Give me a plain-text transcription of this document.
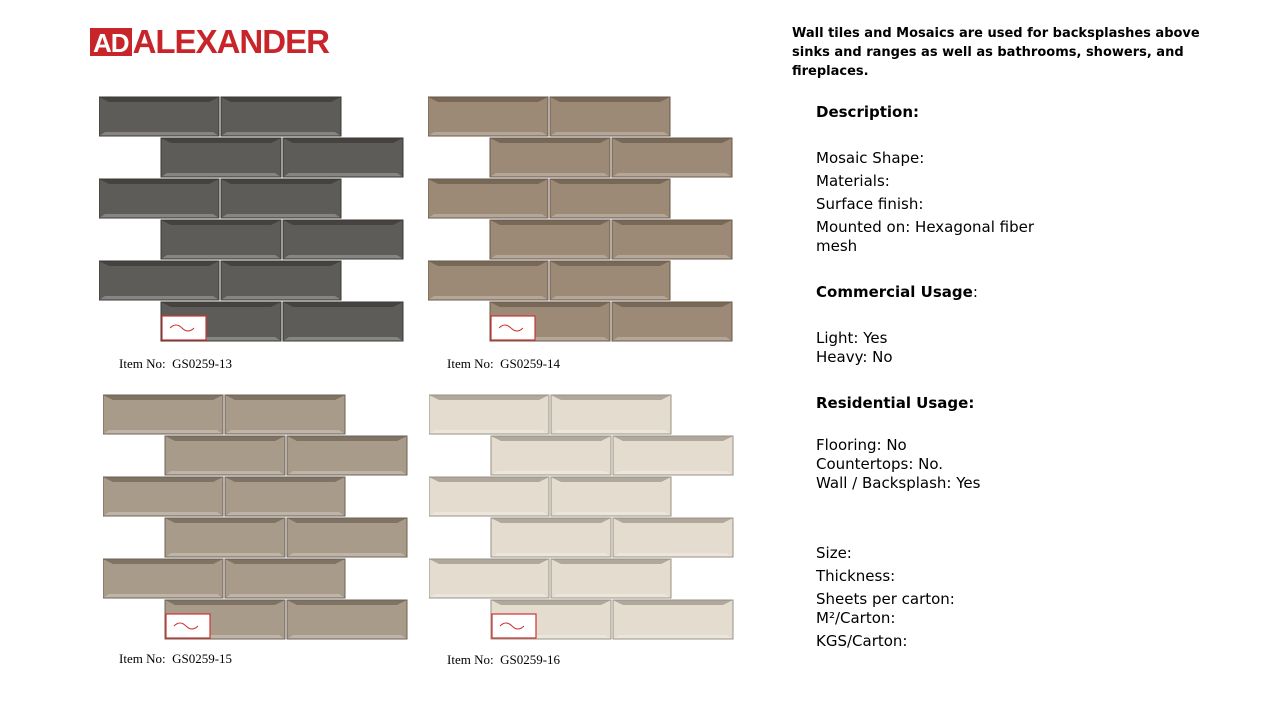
AD ALEXANDER	Wall tiles and Mosaics are used for backsplashes above
sinks and ranges as well as bathrooms, showers, and fireplaces.
Item No:  GS0259-13	Item No:  GS0259-14
Item No:  GS0259-15	Item No:  GS0259-16
Description:
Mosaic Shape:
Materials:
Surface finish:
Mounted on: Hexagonal fiber mesh
Commercial Usage:
Light: Yes
Heavy: No
Residential Usage:
Flooring: No
Countertops: No.
Wall / Backsplash: Yes
Size:
Thickness:
Sheets per carton:
M²/Carton:
KGS/Carton:
